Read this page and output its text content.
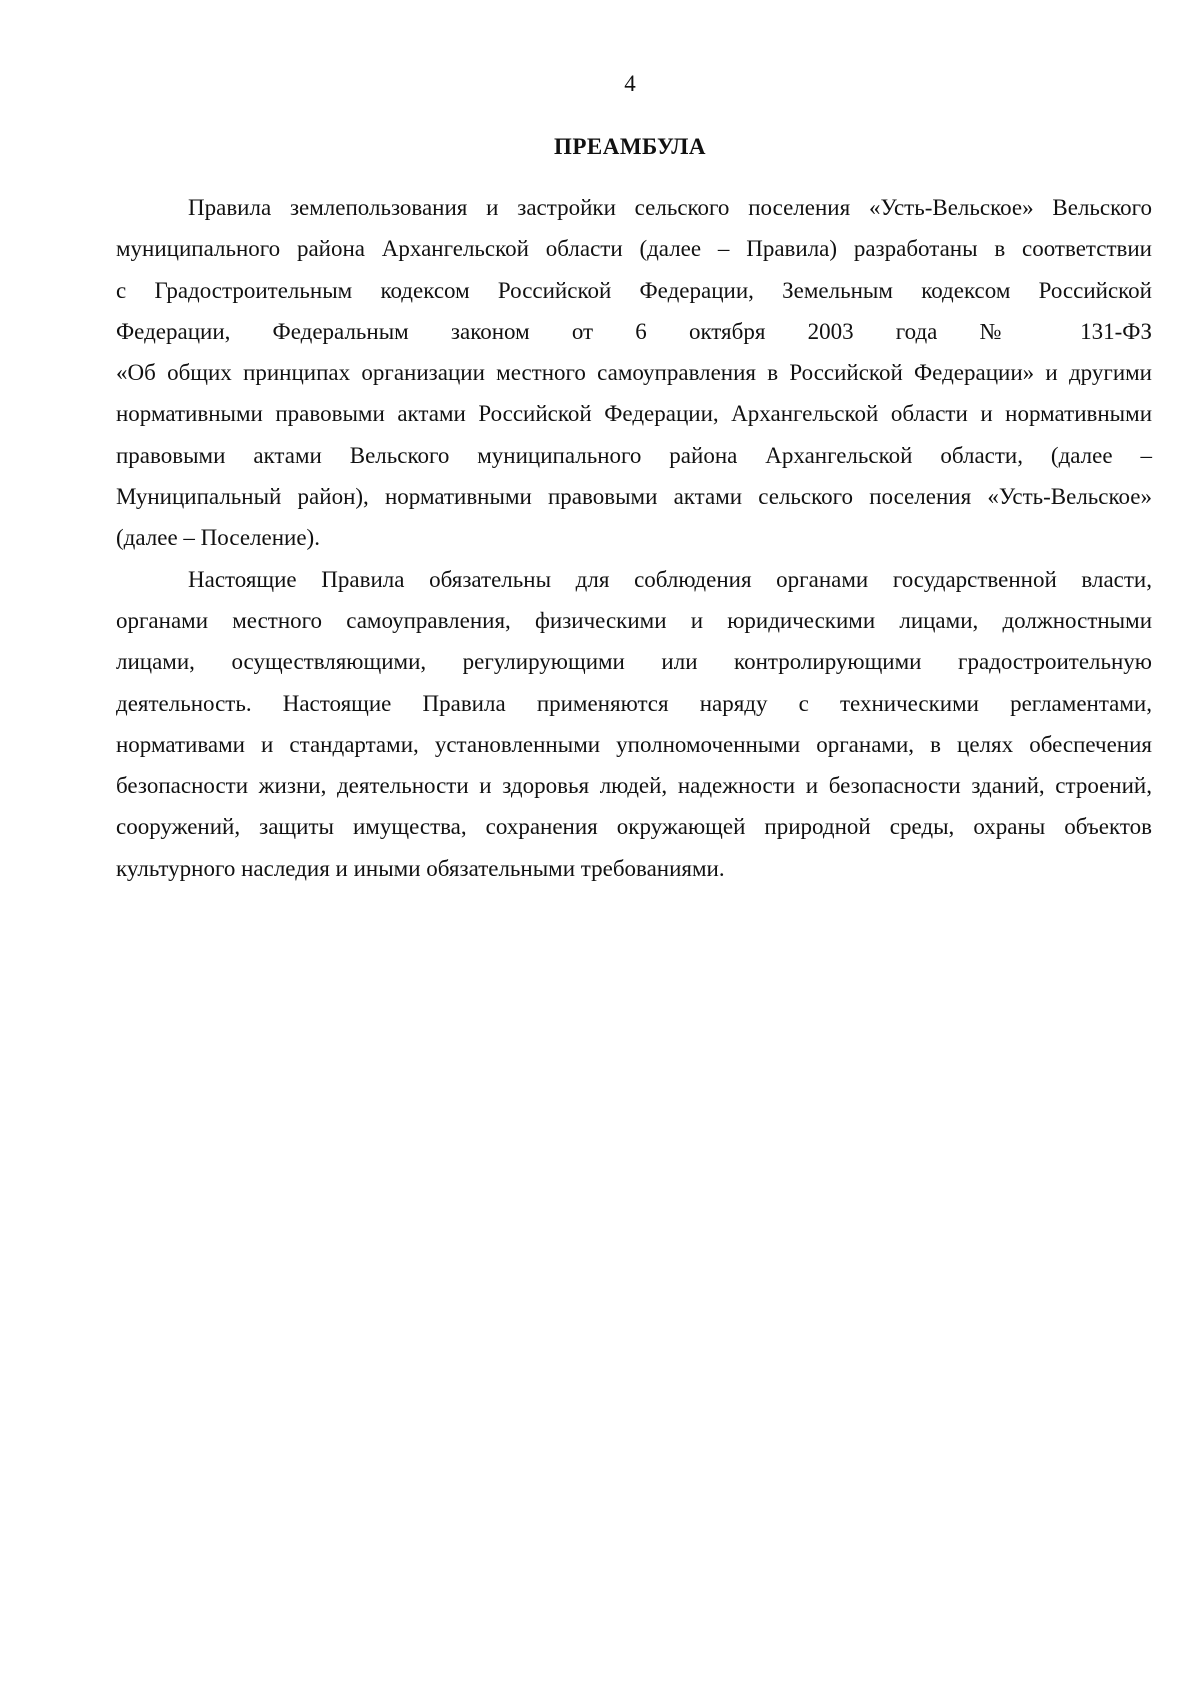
4
ПРЕАМБУЛА
Правила землепользования и застройки сельского поселения «Усть-Вельское» Вельского
муниципального района Архангельской области (далее – Правила) разработаны в соответствии
с Градостроительным кодексом Российской Федерации, Земельным кодексом Российской
Федерации, Федеральным законом от 6 октября 2003 года № 131-ФЗ
«Об общих принципах организации местного самоуправления в Российской Федерации» и другими
нормативными правовыми актами Российской Федерации, Архангельской области и нормативными
правовыми актами Вельского муниципального района Архангельской области, (далее –
Муниципальный район), нормативными правовыми актами сельского поселения «Усть-Вельское»
(далее – Поселение).
Настоящие Правила обязательны для соблюдения органами государственной власти,
органами местного самоуправления, физическими и юридическими лицами, должностными
лицами, осуществляющими, регулирующими или контролирующими градостроительную
деятельность. Настоящие Правила применяются наряду с техническими регламентами,
нормативами и стандартами, установленными уполномоченными органами, в целях обеспечения
безопасности жизни, деятельности и здоровья людей, надежности и безопасности зданий, строений,
сооружений, защиты имущества, сохранения окружающей природной среды, охраны объектов
культурного наследия и иными обязательными требованиями.
